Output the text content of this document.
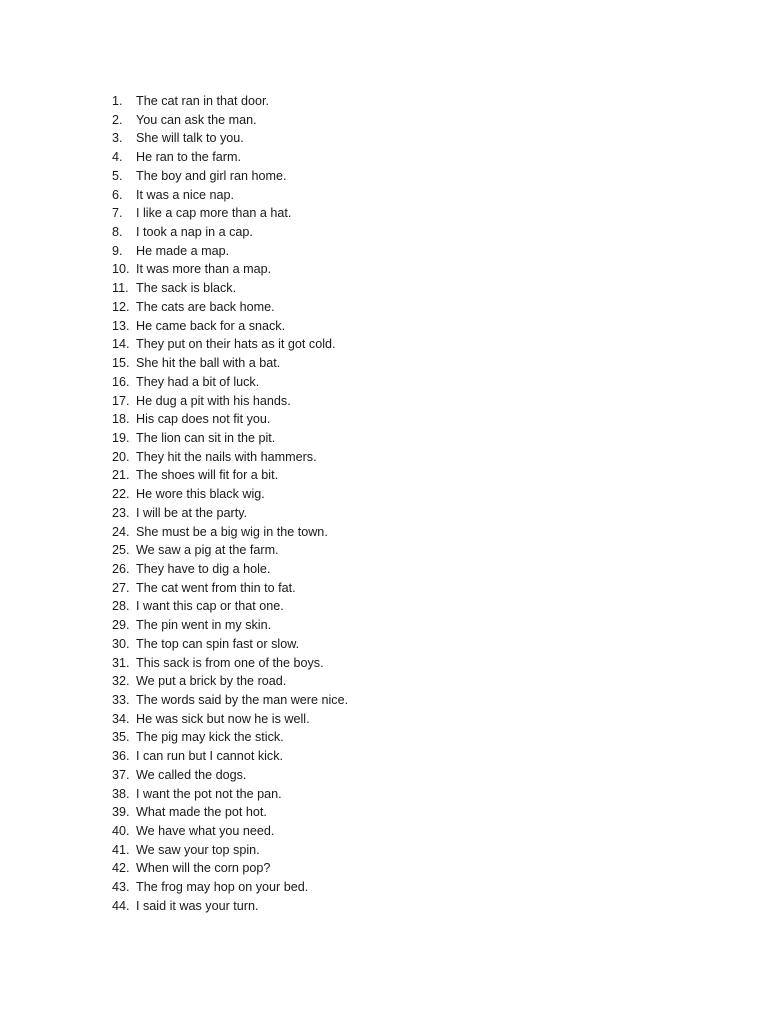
1.	The cat ran in that door.
2.	You can ask the man.
3.	She will talk to you.
4.	He ran to the farm.
5.	The boy and girl ran home.
6.	It was a nice nap.
7.	I like a cap more than a hat.
8.	I took a nap in a cap.
9.	He made a map.
10. It was more than a map.
11. The sack is black.
12. The cats are back home.
13. He came back for a snack.
14. They put on their hats as it got cold.
15. She hit the ball with a bat.
16. They had a bit of luck.
17. He dug a pit with his hands.
18. His cap does not fit you.
19. The lion can sit in the pit.
20. They hit the nails with hammers.
21. The shoes will fit for a bit.
22. He wore this black wig.
23. I will be at the party.
24. She must be a big wig in the town.
25. We saw a pig at the farm.
26. They have to dig a hole.
27. The cat went from thin to fat.
28. I want this cap or that one.
29. The pin went in my skin.
30. The top can spin fast or slow.
31. This sack is from one of the boys.
32. We put a brick by the road.
33. The words said by the man were nice.
34. He was sick but now he is well.
35. The pig may kick the stick.
36. I can run but I cannot kick.
37. We called the dogs.
38. I want the pot not the pan.
39. What made the pot hot.
40. We have what you need.
41. We saw your top spin.
42. When will the corn pop?
43. The frog may hop on your bed.
44. I said it was your turn.
